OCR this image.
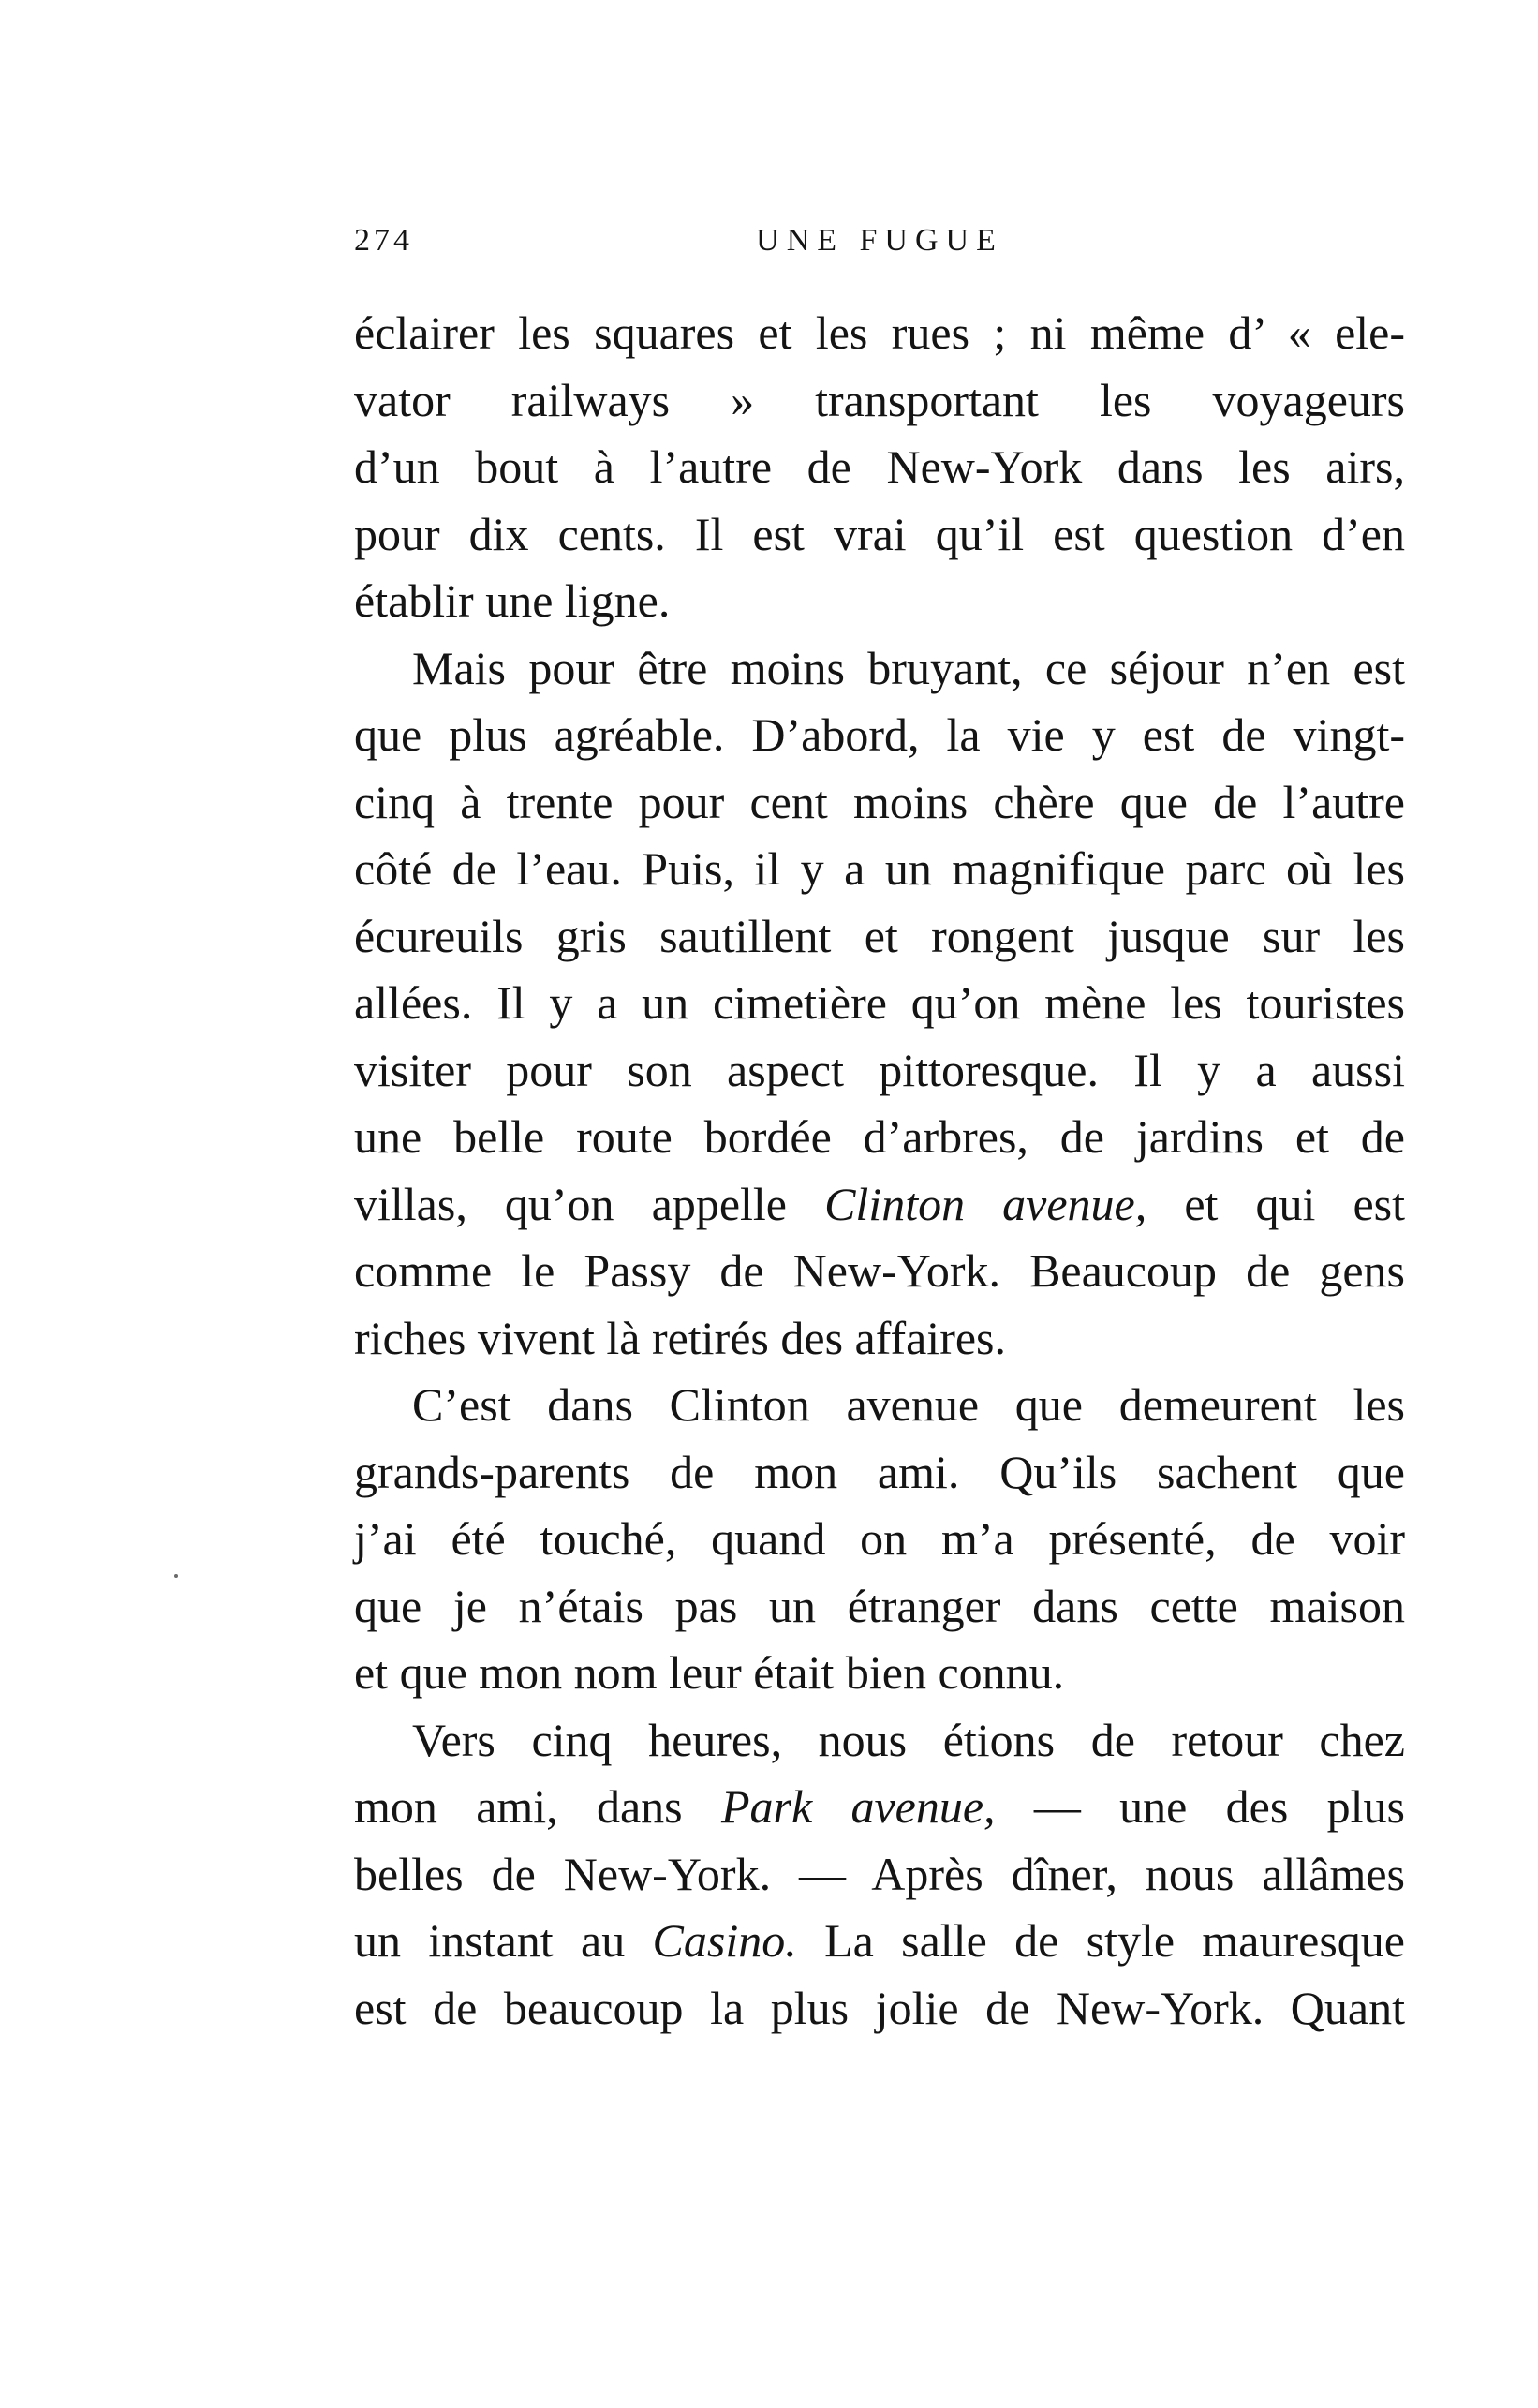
274	UNE FUGUE
éclairer les squares et les rues ; ni même d’ « ele-
vator railways » transportant les voyageurs
d’un bout à l’autre de New-York dans les airs,
pour dix cents. Il est vrai qu’il est question d’en
établir une ligne.
Mais pour être moins bruyant, ce séjour n’en est
que plus agréable. D’abord, la vie y est de vingt-
cinq à trente pour cent moins chère que de l’autre
côté de l’eau. Puis, il y a un magnifique parc où les
écureuils gris sautillent et rongent jusque sur les
allées. Il y a un cimetière qu’on mène les touristes
visiter pour son aspect pittoresque. Il y a aussi
une belle route bordée d’arbres, de jardins et de
villas, qu’on appelle Clinton avenue, et qui est
comme le Passy de New-York. Beaucoup de gens
riches vivent là retirés des affaires.
C’est dans Clinton avenue que demeurent les
grands-parents de mon ami. Qu’ils sachent que
j’ai été touché, quand on m’a présenté, de voir
que je n’étais pas un étranger dans cette maison
et que mon nom leur était bien connu.
Vers cinq heures, nous étions de retour chez
mon ami, dans Park avenue, — une des plus
belles de New-York. — Après dîner, nous allâmes
un instant au Casino. La salle de style mauresque
est de beaucoup la plus jolie de New-York. Quant
